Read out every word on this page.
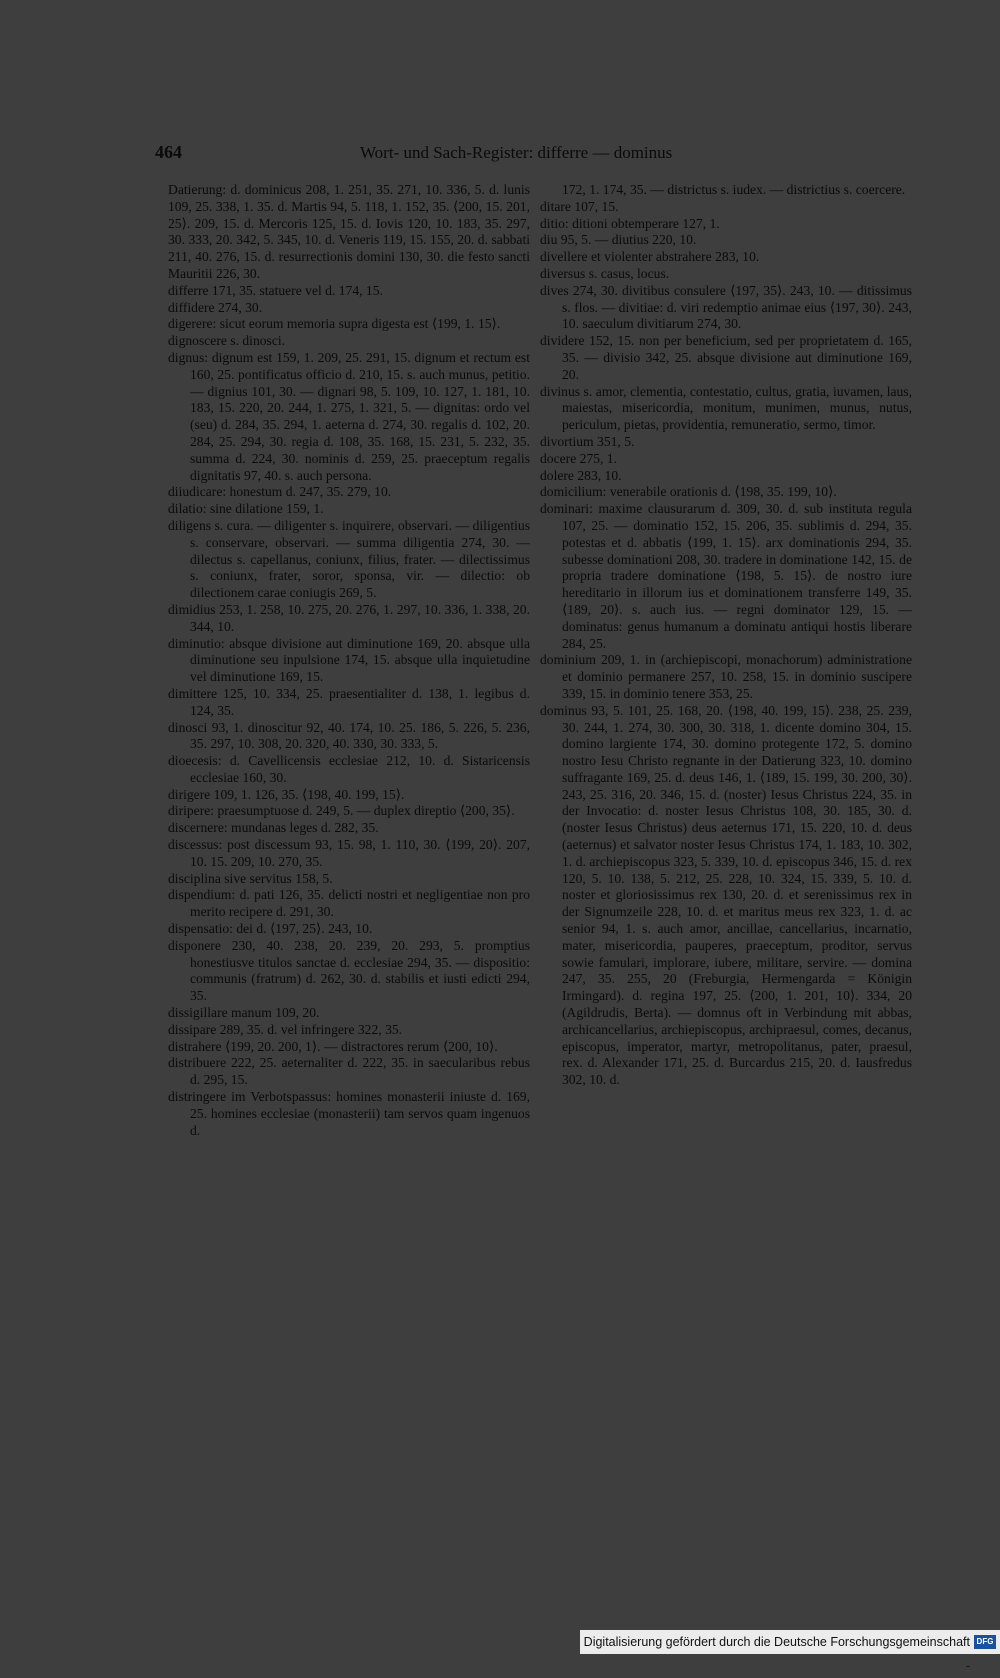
464	Wort- und Sach-Register: differre — dominus

Datierung: d. dominicus 208, 1. 251, 35. 271, 10. 336, 5. d. lunis 109, 25. 338, 1. 35. d. Martis 94, 5. 118, 1. 152, 35. ⟨200, 15. 201, 25⟩. 209, 15. d. Mercoris 125, 15. d. Iovis 120, 10. 183, 35. 297, 30. 333, 20. 342, 5. 345, 10. d. Veneris 119, 15. 155, 20. d. sabbati 211, 40. 276, 15. d. resurrectionis domini 130, 30. die festo sancti Mauritii 226, 30.

differre 171, 35. statuere vel d. 174, 15.

diffidere 274, 30.

digerere: sicut eorum memoria supra digesta est ⟨199, 1. 15⟩.

dignoscere s. dinosci.

dignus: dignum est 159, 1. 209, 25. 291, 15. dignum et rectum est 160, 25. pontificatus officio d. 210, 15. s. auch munus, petitio. — dignius 101, 30. — dignari 98, 5. 109, 10. 127, 1. 181, 10. 183, 15. 220, 20. 244, 1. 275, 1. 321, 5. — dignitas: ordo vel (seu) d. 284, 35. 294, 1. aeterna d. 274, 30. regalis d. 102, 20. 284, 25. 294, 30. regia d. 108, 35. 168, 15. 231, 5. 232, 35. summa d. 224, 30. nominis d. 259, 25. praeceptum regalis dignitatis 97, 40. s. auch persona.

diiudicare: honestum d. 247, 35. 279, 10.

dilatio: sine dilatione 159, 1.

diligens s. cura. — diligenter s. inquirere, observari. — diligentius s. conservare, observari. — summa diligentia 274, 30. — dilectus s. capellanus, coniunx, filius, frater. — dilectissimus s. coniunx, frater, soror, sponsa, vir. — dilectio: ob dilectionem carae coniugis 269, 5.

dimidius 253, 1. 258, 10. 275, 20. 276, 1. 297, 10. 336, 1. 338, 20. 344, 10.

diminutio: absque divisione aut diminutione 169, 20. absque ulla diminutione seu inpulsione 174, 15. absque ulla inquietudine vel diminutione 169, 15.

dimittere 125, 10. 334, 25. praesentialiter d. 138, 1. legibus d. 124, 35.

dinosci 93, 1. dinoscitur 92, 40. 174, 10. 25. 186, 5. 226, 5. 236, 35. 297, 10. 308, 20. 320, 40. 330, 30. 333, 5.

dioecesis: d. Cavellicensis ecclesiae 212, 10. d. Sistaricensis ecclesiae 160, 30.

dirigere 109, 1. 126, 35. ⟨198, 40. 199, 15⟩.

diripere: praesumptuose d. 249, 5. — duplex direptio ⟨200, 35⟩.

discernere: mundanas leges d. 282, 35.

discessus: post discessum 93, 15. 98, 1. 110, 30. ⟨199, 20⟩. 207, 10. 15. 209, 10. 270, 35.

disciplina sive servitus 158, 5.

dispendium: d. pati 126, 35. delicti nostri et negligentiae non pro merito recipere d. 291, 30.

dispensatio: dei d. ⟨197, 25⟩. 243, 10.

disponere 230, 40. 238, 20. 239, 20. 293, 5. promptius honestiusve titulos sanctae d. ecclesiae 294, 35. — dispositio: communis (fratrum) d. 262, 30. d. stabilis et iusti edicti 294, 35.

dissigillare manum 109, 20.

dissipare 289, 35. d. vel infringere 322, 35.

distrahere ⟨199, 20. 200, 1⟩. — distractores rerum ⟨200, 10⟩.

distribuere 222, 25. aeternaliter d. 222, 35. in saecularibus rebus d. 295, 15.

distringere im Verbotspassus: homines monasterii iniuste d. 169, 25. homines ecclesiae (monasterii) tam servos quam ingenuos d.

172, 1. 174, 35. — districtus s. iudex. — districtius s. coercere.

ditare 107, 15.

ditio: ditioni obtemperare 127, 1.

diu 95, 5. — diutius 220, 10.

divellere et violenter abstrahere 283, 10.

diversus s. casus, locus.

dives 274, 30. divitibus consulere ⟨197, 35⟩. 243, 10. — ditissimus s. flos. — divitiae: d. viri redemptio animae eius ⟨197, 30⟩. 243, 10. saeculum divitiarum 274, 30.

dividere 152, 15. non per beneficium, sed per proprietatem d. 165, 35. — divisio 342, 25. absque divisione aut diminutione 169, 20.

divinus s. amor, clementia, contestatio, cultus, gratia, iuvamen, laus, maiestas, misericordia, monitum, munimen, munus, nutus, periculum, pietas, providentia, remuneratio, sermo, timor.

divortium 351, 5.

docere 275, 1.

dolere 283, 10.

domicilium: venerabile orationis d. ⟨198, 35. 199, 10⟩.

dominari: maxime clausurarum d. 309, 30. d. sub instituta regula 107, 25. — dominatio 152, 15. 206, 35. sublimis d. 294, 35. potestas et d. abbatis ⟨199, 1. 15⟩. arx dominationis 294, 35. subesse dominationi 208, 30. tradere in dominatione 142, 15. de propria tradere dominatione ⟨198, 5. 15⟩. de nostro iure hereditario in illorum ius et dominationem transferre 149, 35. ⟨189, 20⟩. s. auch ius. — regni dominator 129, 15. — dominatus: genus humanum a dominatu antiqui hostis liberare 284, 25.

dominium 209, 1. in (archiepiscopi, monachorum) administratione et dominio permanere 257, 10. 258, 15. in dominio suscipere 339, 15. in dominio tenere 353, 25.

dominus 93, 5. 101, 25. 168, 20. ⟨198, 40. 199, 15⟩. 238, 25. 239, 30. 244, 1. 274, 30. 300, 30. 318, 1. dicente domino 304, 15. domino largiente 174, 30. domino protegente 172, 5. domino nostro Iesu Christo regnante in der Datierung 323, 10. domino suffragante 169, 25. d. deus 146, 1. ⟨189, 15. 199, 30. 200, 30⟩. 243, 25. 316, 20. 346, 15. d. (noster) Iesus Christus 224, 35. in der Invocatio: d. noster Iesus Christus 108, 30. 185, 30. d. (noster Iesus Christus) deus aeternus 171, 15. 220, 10. d. deus (aeternus) et salvator noster Iesus Christus 174, 1. 183, 10. 302, 1. d. archiepiscopus 323, 5. 339, 10. d. episcopus 346, 15. d. rex 120, 5. 10. 138, 5. 212, 25. 228, 10. 324, 15. 339, 5. 10. d. noster et gloriosissimus rex 130, 20. d. et serenissimus rex in der Signumzeile 228, 10. d. et maritus meus rex 323, 1. d. ac senior 94, 1. s. auch amor, ancillae, cancellarius, incarnatio, mater, misericordia, pauperes, praeceptum, proditor, servus sowie famulari, implorare, iubere, militare, servire. — domina 247, 35. 255, 20 (Freburgia, Hermengarda = Königin Irmingard). d. regina 197, 25. ⟨200, 1. 201, 10⟩. 334, 20 (Agildrudis, Berta). — domnus oft in Verbindung mit abbas, archicancellarius, archiepiscopus, archipraesul, comes, decanus, episcopus, imperator, martyr, metropolitanus, pater, praesul, rex. d. Alexander 171, 25. d. Burcardus 215, 20. d. Iausfredus 302, 10. d.

Digitalisierung gefördert durch die Deutsche Forschungsgemeinschaft -
DFG
